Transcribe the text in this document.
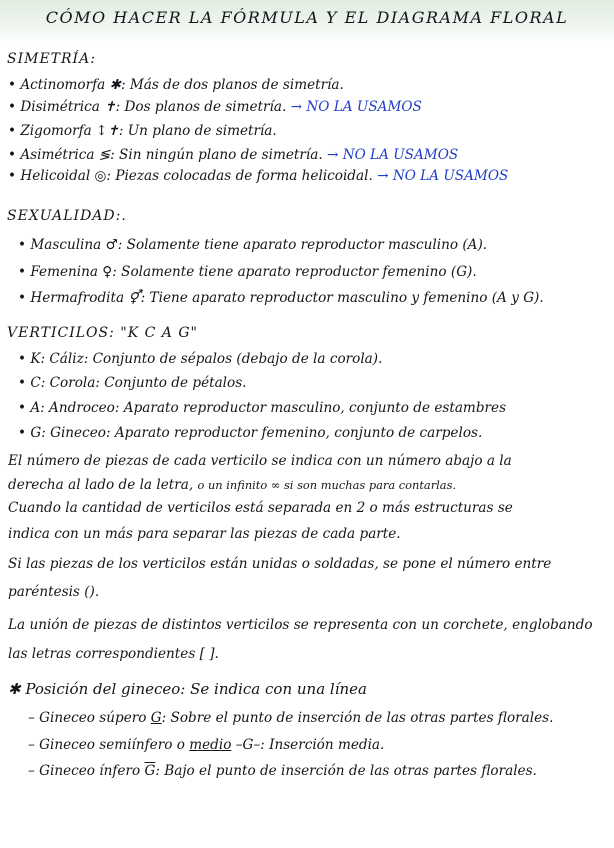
CÓMO HACER LA FÓRMULA Y EL DIAGRAMA FLORAL
SIMETRÍA:
• Actinomorfa ✱: Más de dos planos de simetría.
• Disimétrica ✝: Dos planos de simetría. → NO LA USAMOS
• Zigomorfa ↕✝: Un plano de simetría.
• Asimétrica ≶: Sin ningún plano de simetría. → NO LA USAMOS
• Helicoidal ◎: Piezas colocadas de forma helicoidal. → NO LA USAMOS
SEXUALIDAD:.
• Masculina ♂: Solamente tiene aparato reproductor masculino (A).
• Femenina ♀: Solamente tiene aparato reproductor femenino (G).
• Hermafrodita ⚥: Tiene aparato reproductor masculino y femenino (A y G).
VERTICILOS: "K C A G"
• K: Cáliz: Conjunto de sépalos (debajo de la corola).
• C: Corola: Conjunto de pétalos.
• A: Androceo: Aparato reproductor masculino, conjunto de estambres
• G: Gineceo: Aparato reproductor femenino, conjunto de carpelos.
El número de piezas de cada verticilo se indica con un número abajo a la
derecha al lado de la letra, o un infinito ∞ si son muchas para contarlas.
Cuando la cantidad de verticilos está separada en 2 o más estructuras se
indica con un más para separar las piezas de cada parte.
Si las piezas de los verticilos están unidas o soldadas, se pone el número entre
paréntesis ().
La unión de piezas de distintos verticilos se representa con un corchete, englobando
las letras correspondientes [ ].
✱ Posición del gineceo: Se indica con una línea
– Gineceo súpero G: Sobre el punto de inserción de las otras partes florales.
– Gineceo semiínfero o medio –G–: Inserción media.
– Gineceo ínfero $\overline{G}$: Bajo el punto de inserción de las otras partes florales.
